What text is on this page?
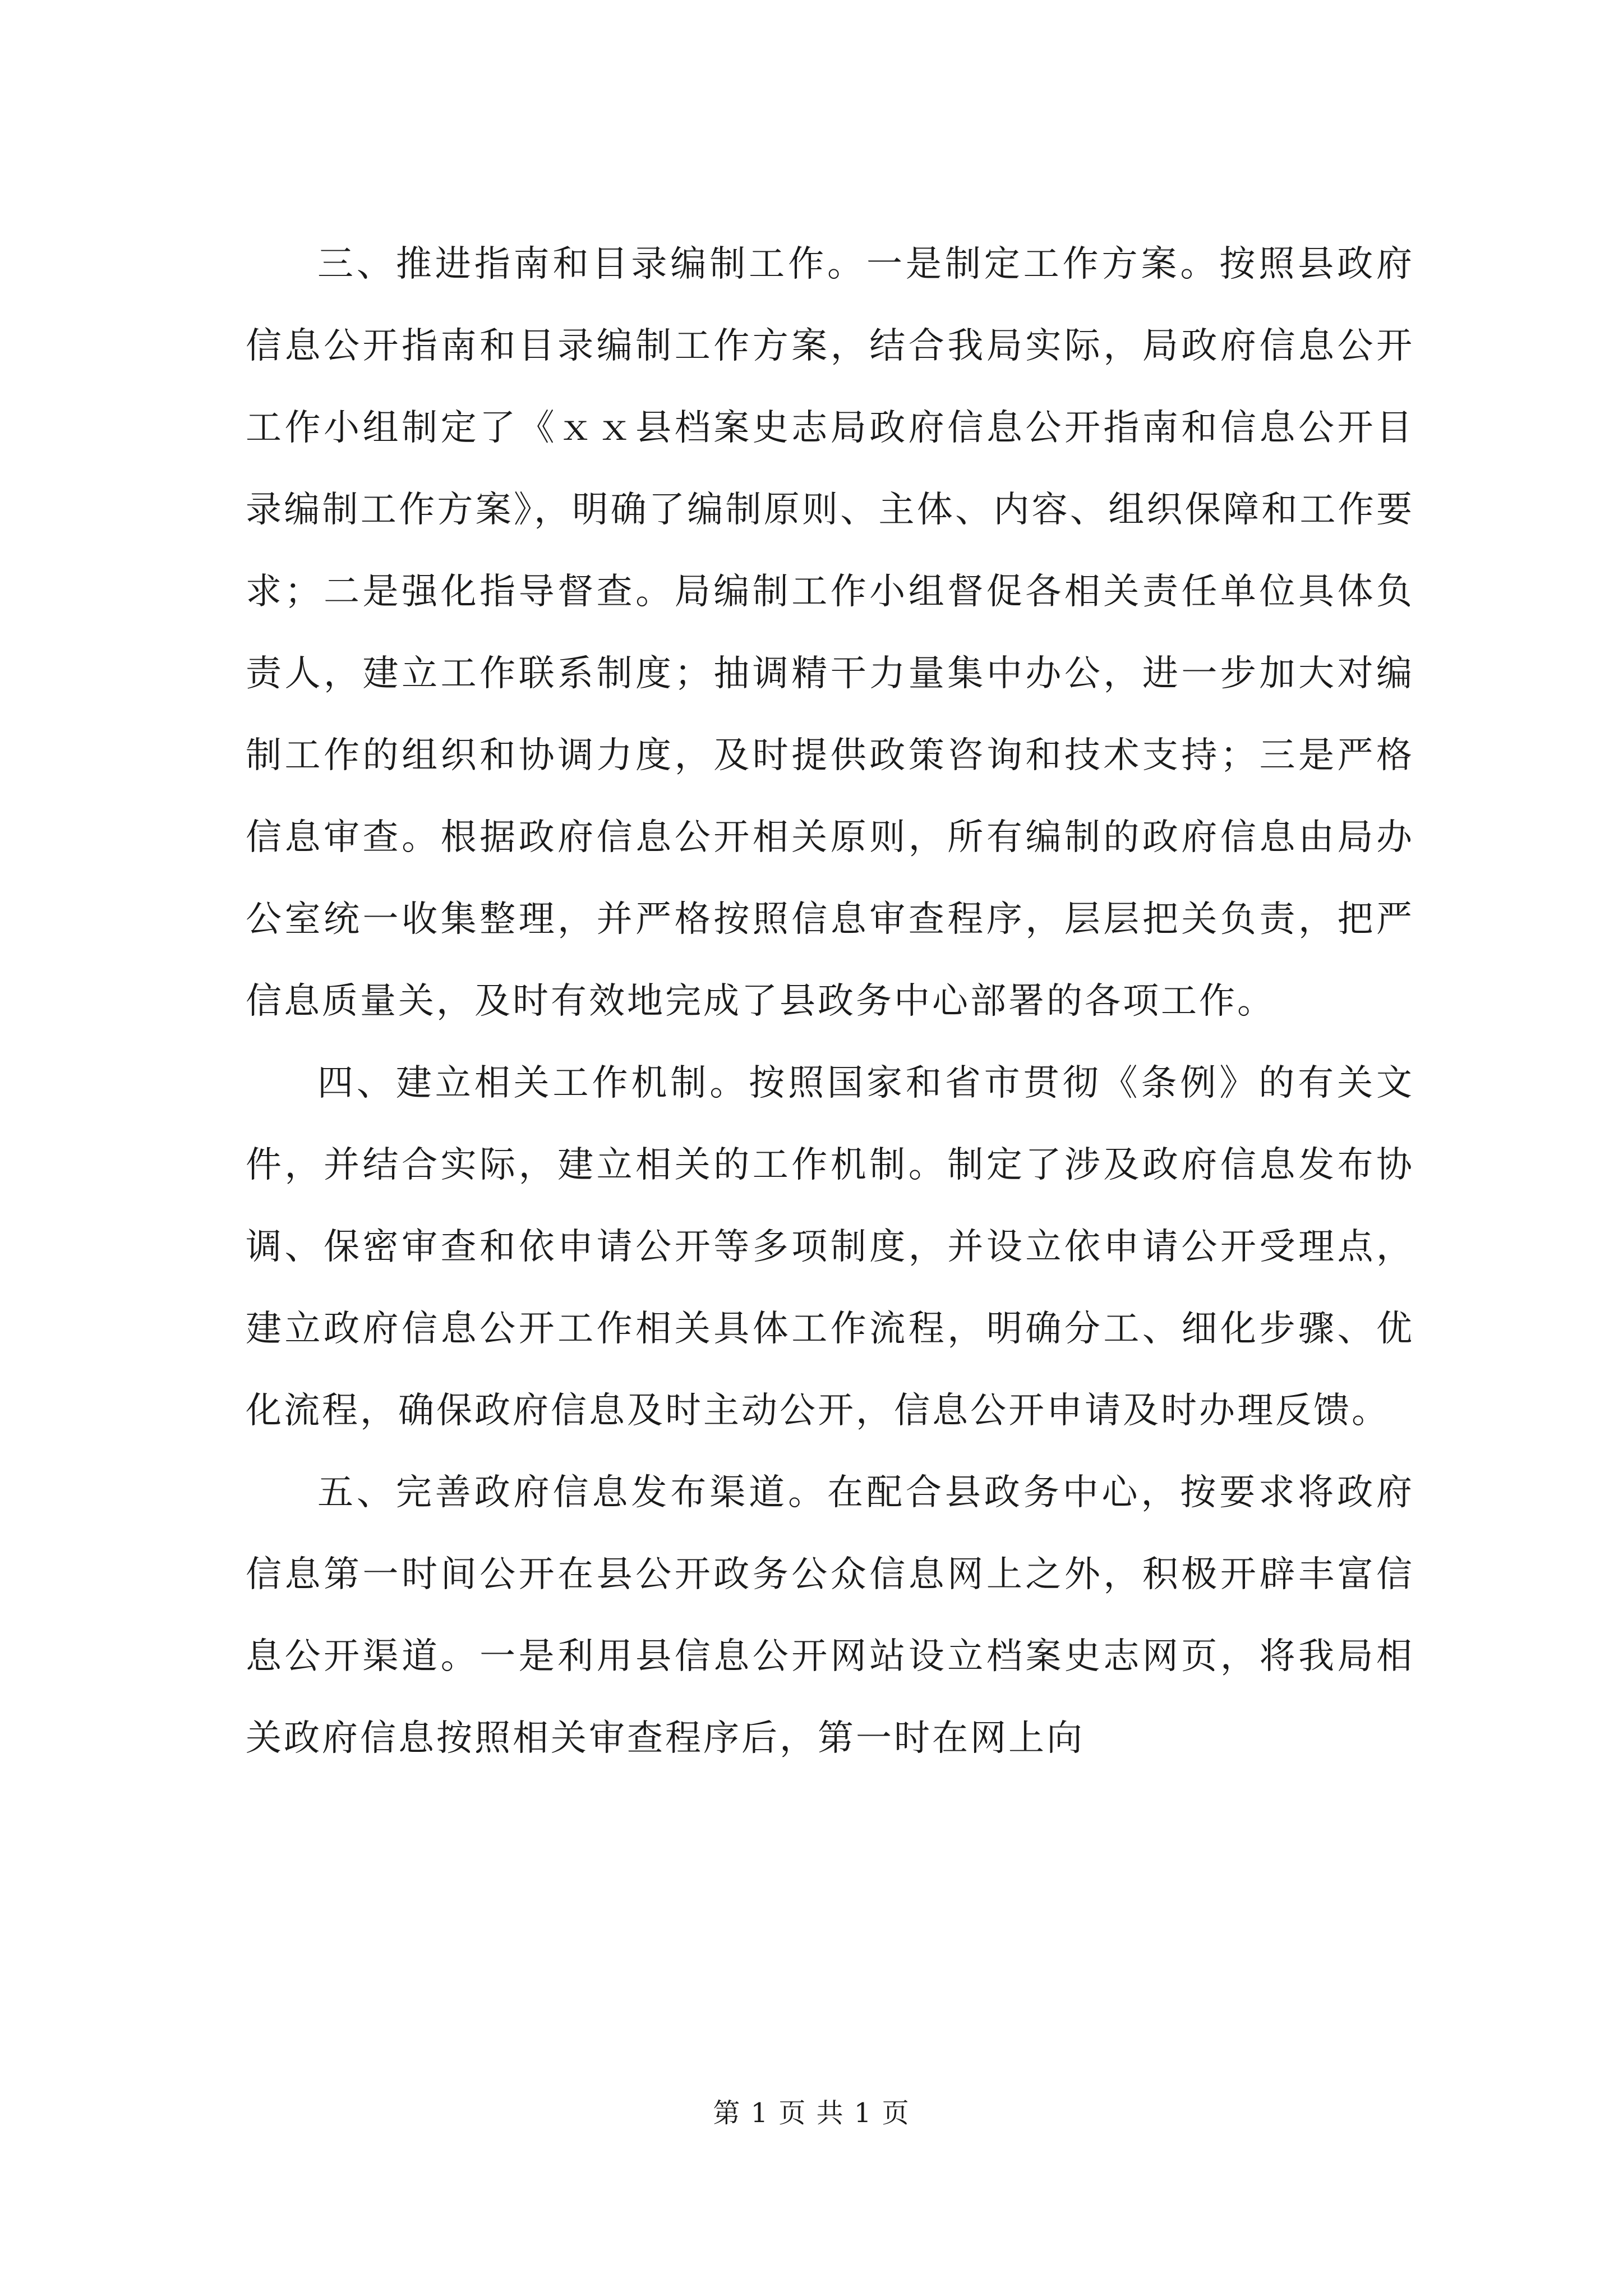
三、推进指南和目录编制工作。一是制定工作方案。按照县政府信息公开指南和目录编制工作方案，结合我局实际，局政府信息公开工作小组制定了《ｘｘ县档案史志局政府信息公开指南和信息公开目录编制工作方案》，明确了编制原则、主体、内容、组织保障和工作要求；二是强化指导督查。局编制工作小组督促各相关责任单位具体负责人，建立工作联系制度；抽调精干力量集中办公，进一步加大对编制工作的组织和协调力度，及时提供政策咨询和技术支持；三是严格信息审查。根据政府信息公开相关原则，所有编制的政府信息由局办公室统一收集整理，并严格按照信息审查程序，层层把关负责，把严信息质量关，及时有效地完成了县政务中心部署的各项工作。

四、建立相关工作机制。按照国家和省市贯彻《条例》的有关文件，并结合实际，建立相关的工作机制。制定了涉及政府信息发布协调、保密审查和依申请公开等多项制度，并设立依申请公开受理点，建立政府信息公开工作相关具体工作流程，明确分工、细化步骤、优化流程，确保政府信息及时主动公开，信息公开申请及时办理反馈。

五、完善政府信息发布渠道。在配合县政务中心，按要求将政府信息第一时间公开在县公开政务公众信息网上之外，积极开辟丰富信息公开渠道。一是利用县信息公开网站设立档案史志网页，将我局相关政府信息按照相关审查程序后，第一时在网上向

第 1 页 共 1 页
